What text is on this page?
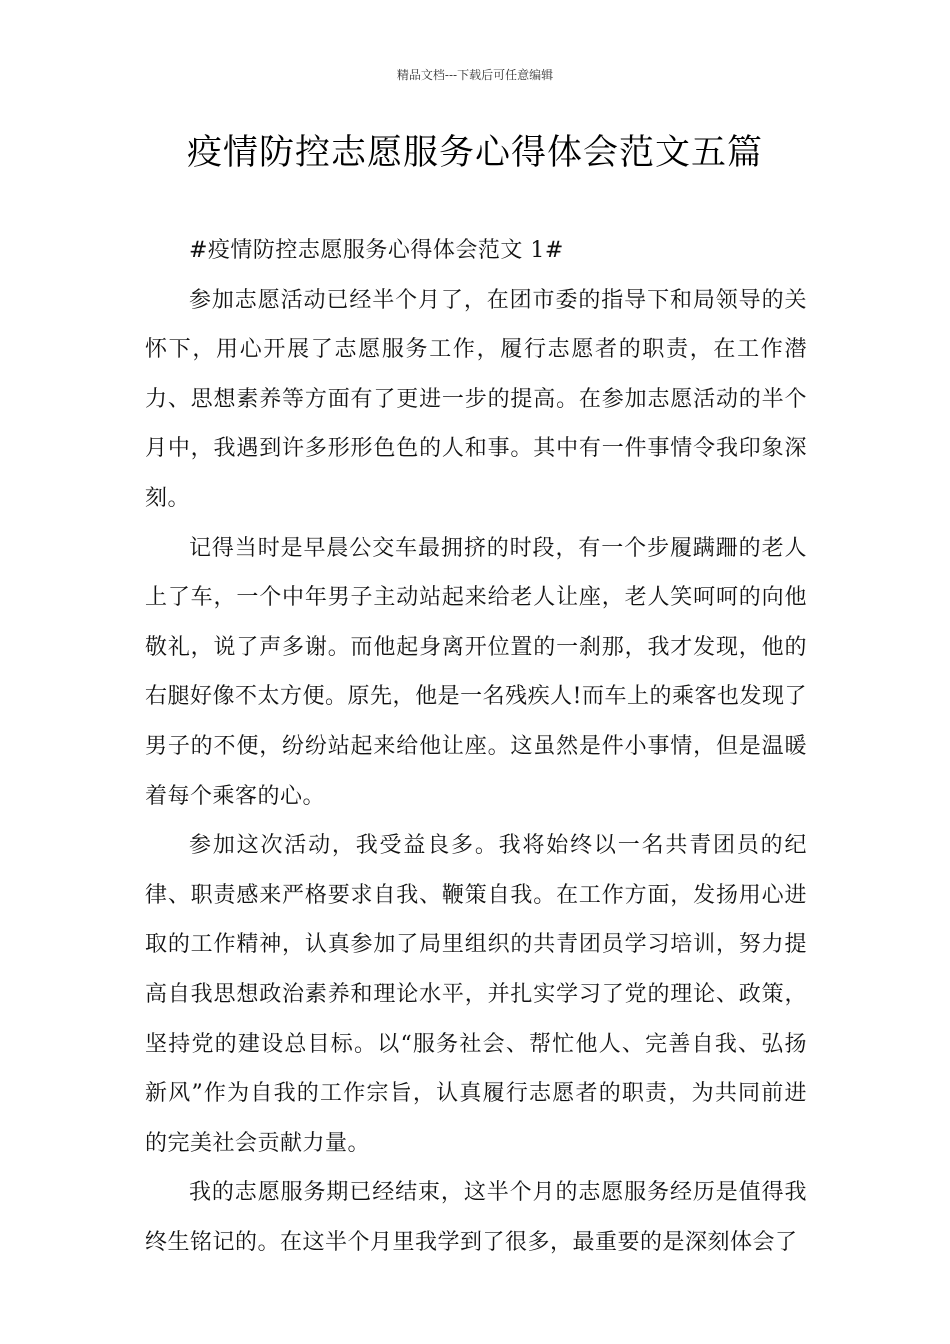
精品文档---下载后可任意编辑
疫情防控志愿服务心得体会范文五篇

#疫情防控志愿服务心得体会范文 1#

参加志愿活动已经半个月了，在团市委的指导下和局领导的关怀下，用心开展了志愿服务工作，履行志愿者的职责，在工作潜力、思想素养等方面有了更进一步的提高。在参加志愿活动的半个月中，我遇到许多形形色色的人和事。其中有一件事情令我印象深刻。

记得当时是早晨公交车最拥挤的时段，有一个步履蹒跚的老人上了车，一个中年男子主动站起来给老人让座，老人笑呵呵的向他敬礼，说了声多谢。而他起身离开位置的一刹那，我才发现，他的右腿好像不太方便。原先，他是一名残疾人!而车上的乘客也发现了男子的不便，纷纷站起来给他让座。这虽然是件小事情，但是温暖着每个乘客的心。

参加这次活动，我受益良多。我将始终以一名共青团员的纪律、职责感来严格要求自我、鞭策自我。在工作方面，发扬用心进取的工作精神，认真参加了局里组织的共青团员学习培训，努力提高自我思想政治素养和理论水平，并扎实学习了党的理论、政策，坚持党的建设总目标。以“服务社会、帮忙他人、完善自我、弘扬新风”作为自我的工作宗旨，认真履行志愿者的职责，为共同前进的完美社会贡献力量。

我的志愿服务期已经结束，这半个月的志愿服务经历是值得我终生铭记的。在这半个月里我学到了很多，最重要的是深刻体会了
